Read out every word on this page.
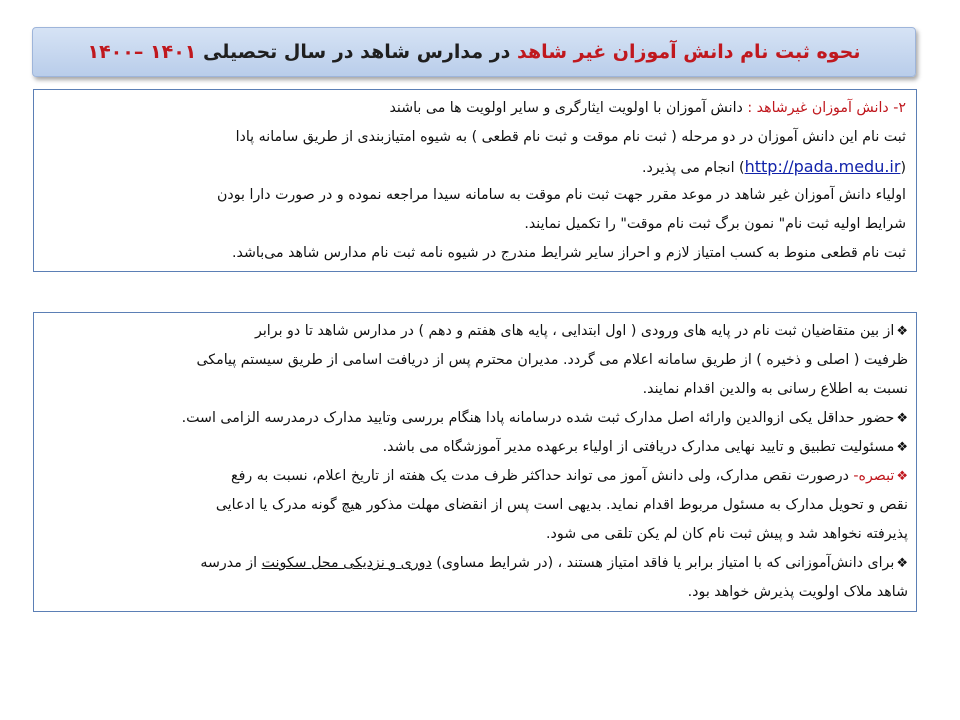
نحوه ثبت نام دانش آموزان غیر شاهد در مدارس شاهد در سال تحصیلی ۱۴۰۱ –۱۴۰۰
۲- دانش آموزان غیرشاهد : دانش آموزان با اولویت ایثارگری و سایر اولویت ها می باشند
ثبت نام این دانش آموزان در دو مرحله ( ثبت نام موقت و ثبت نام قطعی ) به شیوه امتیازبندی از طریق سامانه پادا
(http://pada.medu.ir) انجام می پذیرد.
اولیاء دانش آموزان غیر شاهد در موعد مقرر جهت ثبت نام موقت به سامانه سیدا مراجعه نموده و در صورت دارا بودن
شرایط اولیه ثبت نام" نمون برگ ثبت نام موقت" را تکمیل نمایند.
ثبت نام قطعی منوط به کسب امتیاز لازم و احراز سایر شرایط مندرج در شیوه نامه ثبت نام مدارس شاهد می‌باشد.
❖از بین متقاضیان ثبت نام در پایه های ورودی ( اول ابتدایی ، پایه های هفتم و دهم ) در مدارس شاهد تا دو برابر
ظرفیت ( اصلی و ذخیره ) از طریق سامانه اعلام می گردد. مدیران محترم پس از دریافت اسامی از طریق سیستم پیامکی
نسبت به اطلاع رسانی به والدین اقدام نمایند.
❖حضور حداقل یکی ازوالدین وارائه اصل مدارک ثبت شده درسامانه پادا هنگام بررسی وتایید مدارک درمدرسه الزامی است.
❖مسئولیت تطبیق و تایید نهایی مدارک دریافتی از اولیاء برعهده مدیر آموزشگاه می باشد.
❖تبصره- درصورت نقص مدارک، ولی دانش آموز می تواند حداکثر ظرف مدت یک هفته از تاریخ اعلام، نسبت به رفع
نقص و تحویل مدارک به مسئول مربوط اقدام نماید. بدیهی است پس از انقضای مهلت مذکور هیچ گونه مدرک یا ادعایی
پذیرفته نخواهد شد و پیش ثبت نام کان لم یکن تلقی می شود.
❖برای دانش‌آموزانی که با امتیاز برابر یا فاقد امتیاز هستند ، (در شرایط مساوی) دوری و نزدیکی محل سکونت از مدرسه
شاهد ملاک اولویت پذیرش خواهد بود.
